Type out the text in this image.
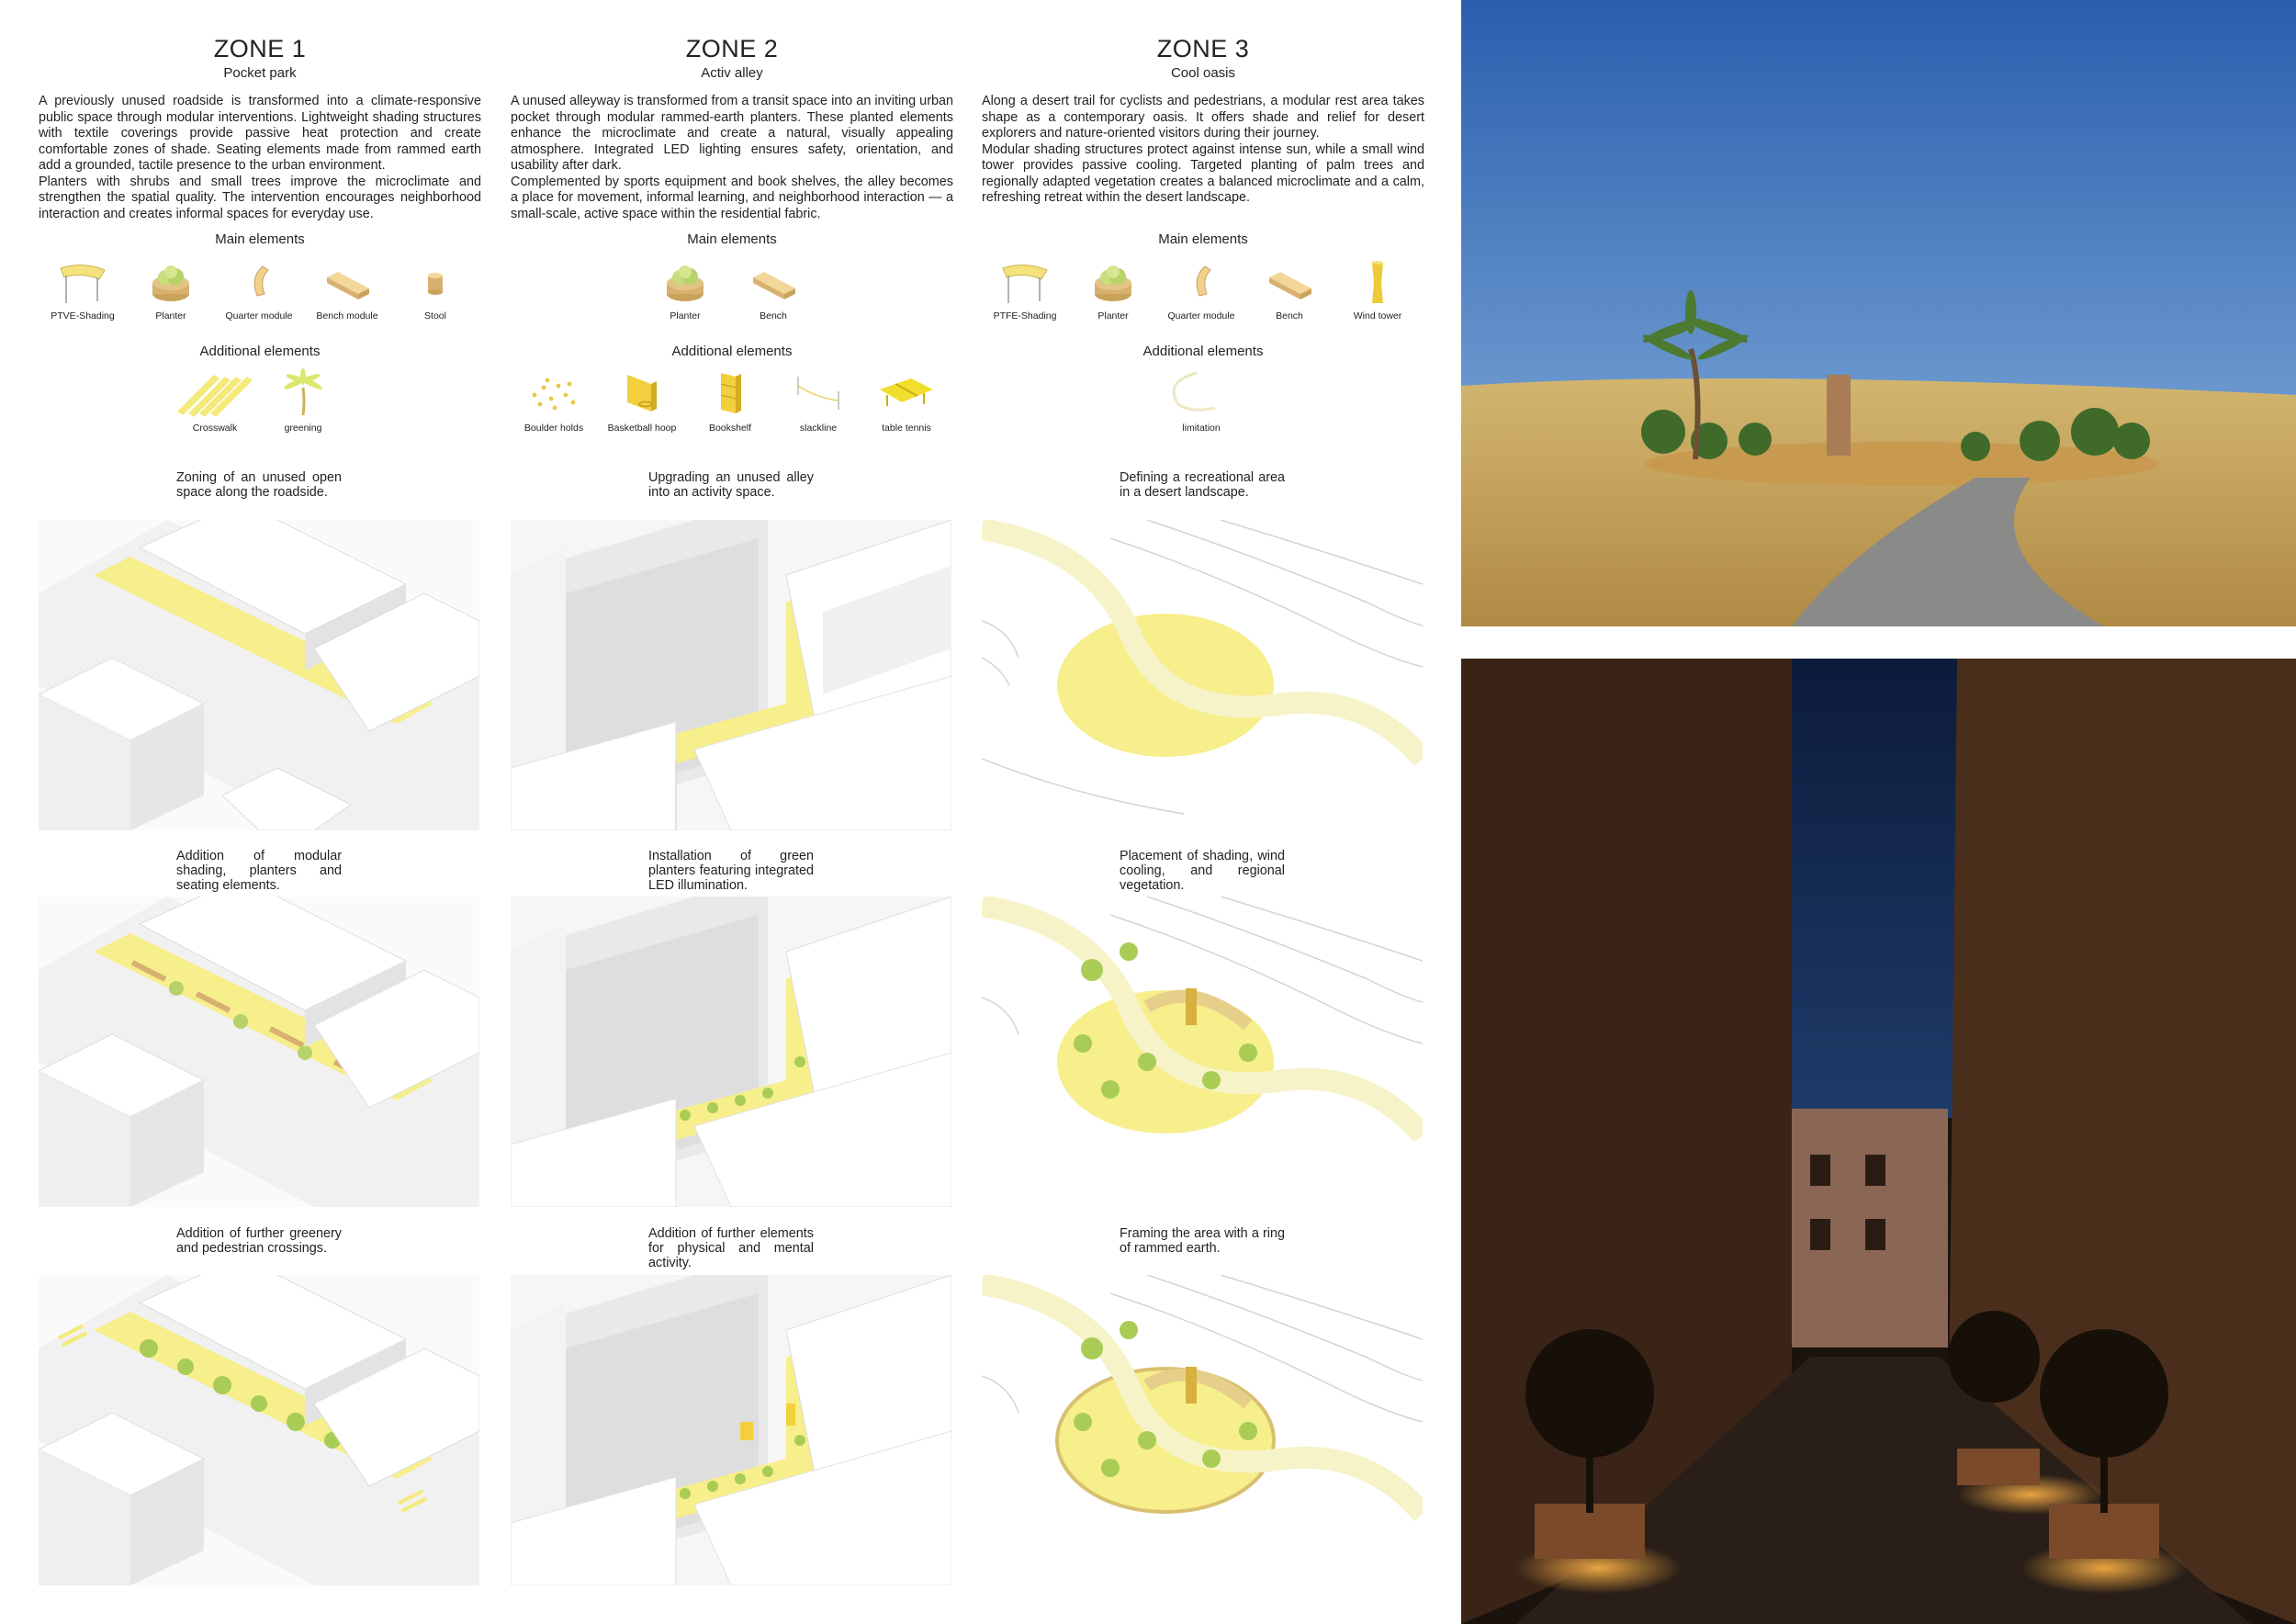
ZONE 1
Pocket park

A previously unused roadside is transformed into a climate-responsive public space through modular interventions. Lightweight shading structures with textile coverings provide passive heat protection and create comfortable zones of shade. Seating elements made from rammed earth add a grounded, tactile presence to the urban environment.

Planters with shrubs and small trees improve the microclimate and strengthen the spatial quality. The intervention encourages neighborhood interaction and creates informal spaces for everyday use.

ZONE 2
Activ alley

A unused alleyway is transformed from a transit space into an inviting urban pocket through modular rammed-earth planters. These planted elements enhance the microclimate and create a natural, visually appealing atmosphere. Integrated LED lighting ensures safety, orientation, and usability after dark.

Complemented by sports equipment and book shelves, the alley becomes a place for movement, informal learning, and neighborhood interaction — a small-scale, active space within the residential fabric.

ZONE 3
Cool oasis

Along a desert trail for cyclists and pedestrians, a modular rest area takes shape as a contemporary oasis. It offers shade and relief for desert explorers and nature-oriented visitors during their journey.

Modular shading structures protect against intense sun, while a small wind tower provides passive cooling. Targeted planting of palm trees and regionally adapted vegetation creates a balanced microclimate and a calm, refreshing retreat within the desert landscape.

Main elements	Main elements	Main elements
Additional elements	Additional elements	Additional elements
PTVE-Shading	Planter	Quarter module	Bench module	Stool
Crosswalk	greening
Planter	Bench
Boulder holds	Basketball hoop	Bookshelf	slackline	table tennis
PTFE-Shading	Planter	Quarter module	Bench	Wind tower
limitation
Zoning of an unused open space along the roadside.
Upgrading an unused alley into an activity space.
Defining a recreational area in a desert landscape.
Addition of modular shading, planters and seating elements.
Installation of green planters featuring integrated LED illumination.
Placement of shading, wind cooling, and regional vegetation.
Addition of further greenery and pedestrian crossings.
Addition of further elements for physical and mental activity.
Framing the area with a ring of rammed earth.
